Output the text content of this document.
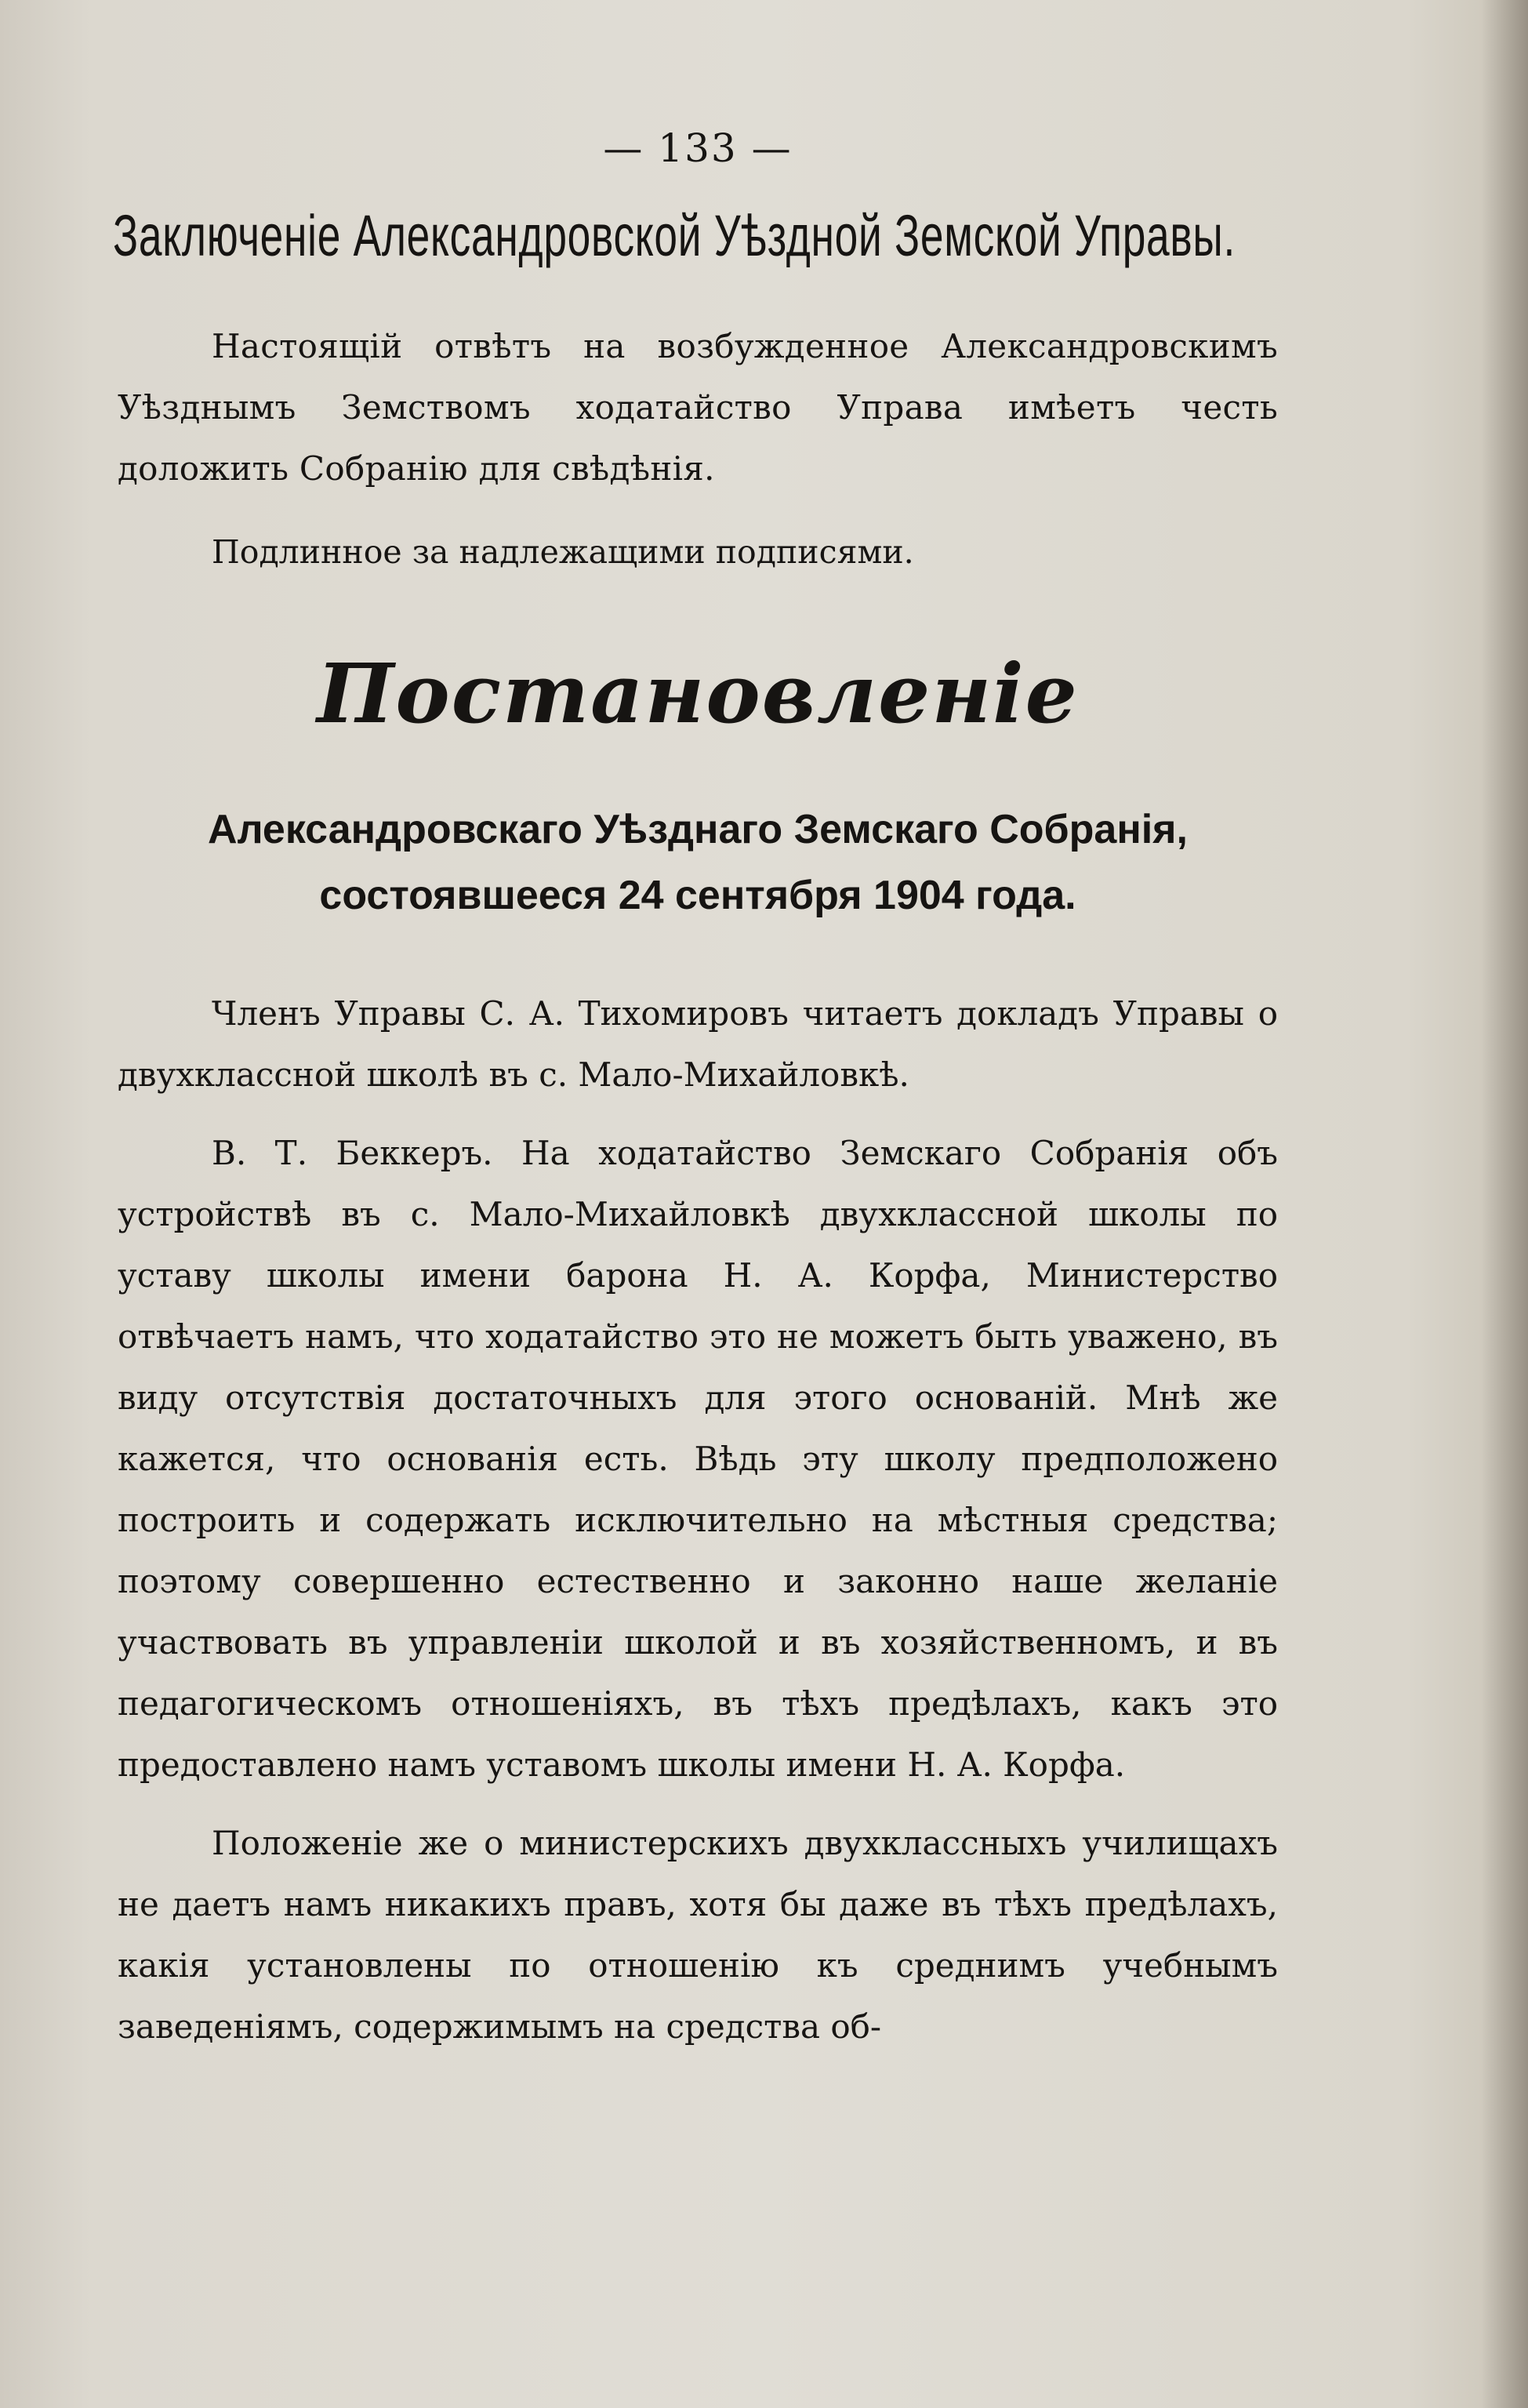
— 133 —
Заключеніе Александровской Уѣздной Земской Управы.

Настоящій отвѣтъ на возбужденное Александровскимъ Уѣзднымъ Земствомъ ходатайство Управа имѣетъ честь доложить Собранію для свѣдѣнія.

Подлинное за надлежащими подписями.
Постановленіе
Александровскаго Уѣзднаго Земскаго Собранія,
состоявшееся 24 сентября 1904 года.

Членъ Управы С. А. Тихомировъ читаетъ докладъ Управы о двухклассной школѣ въ с. Мало-Михайловкѣ.

В. Т. Беккеръ. На ходатайство Земскаго Собранія объ устройствѣ въ с. Мало-Михайловкѣ двухклассной школы по уставу школы имени барона Н. А. Корфа, Министерство отвѣчаетъ намъ, что ходатайство это не можетъ быть уважено, въ виду отсутствія достаточныхъ для этого основаній. Мнѣ же кажется, что основанія есть. Вѣдь эту школу предположено построить и содержать исключительно на мѣстныя средства; поэтому совершенно естественно и законно наше желаніе участвовать въ управленіи школой и въ хозяйственномъ, и въ педагогическомъ отношеніяхъ, въ тѣхъ предѣлахъ, какъ это предоставлено намъ уставомъ школы имени Н. А. Корфа.

Положеніе же о министерскихъ двухклассныхъ училищахъ не даетъ намъ никакихъ правъ, хотя бы даже въ тѣхъ предѣлахъ, какія установлены по отношенію къ среднимъ учебнымъ заведеніямъ, содержимымъ на средства об-
